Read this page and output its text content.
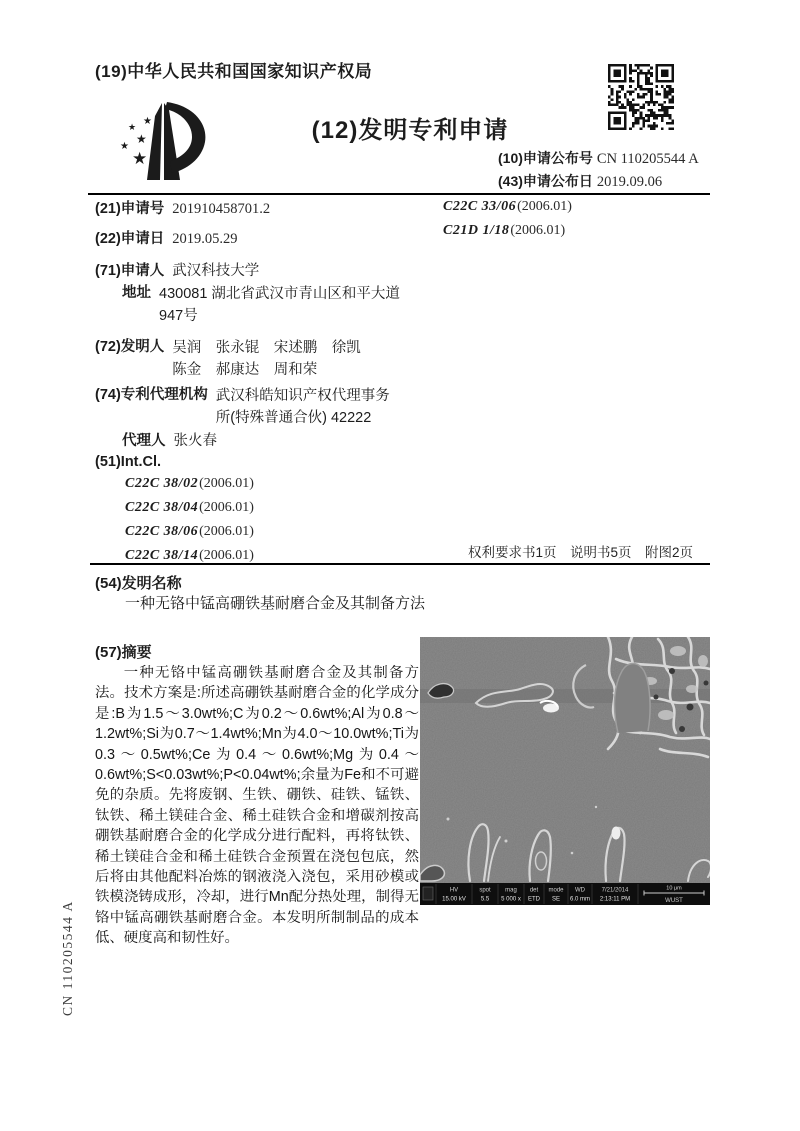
(19)中华人民共和国国家知识产权局
★
★
★
★ ★	(12)发明专利申请
(10)申请公布号 CN 110205544 A
(43)申请公布日 2019.09.06
(21)申请号 201910458701.2
(22)申请日 2019.05.29
(71)申请人 武汉科技大学
地址 430081 湖北省武汉市青山区和平大道947号
(72)发明人 吴润　张永锟　宋述鹏　徐凯
陈金　郝康达　周和荣
(74)专利代理机构 武汉科皓知识产权代理事务所(特殊普通合伙) 42222
代理人 张火春
(51)Int.Cl.
C22C 38/02(2006.01)
C22C 38/04(2006.01)
C22C 38/06(2006.01)
C22C 38/14(2006.01)
C22C 33/06(2006.01)
C21D 1/18(2006.01)
权利要求书1页　说明书5页　附图2页
(54)发明名称
一种无铬中锰高硼铁基耐磨合金及其制备方法
(57)摘要
一种无铬中锰高硼铁基耐磨合金及其制备方法。技术方案是:所述高硼铁基耐磨合金的化学成分是:B为1.5～3.0wt%;C为0.2～0.6wt%;Al为0.8～1.2wt%;Si为0.7～1.4wt%;Mn为4.0～10.0wt%;Ti为0.3～0.5wt%;Ce为0.4～0.6wt%;Mg为0.4～0.6wt%;S<0.03wt%;P<0.04wt%;余量为Fe和不可避免的杂质。先将废钢、生铁、硼铁、硅铁、锰铁、钛铁、稀土镁硅合金、稀土硅铁合金和增碳剂按高硼铁基耐磨合金的化学成分进行配料，再将钛铁、稀土镁硅合金和稀土硅铁合金预置在浇包包底，然后将由其他配料冶炼的钢液浇入浇包，采用砂模或铁模浇铸成形，冷却，进行Mn配分热处理，制得无铬中锰高硼铁基耐磨合金。本发明所制制品的成本低、硬度高和韧性好。
HV	spot mag det mode WD	7/21/2014
15.00 kV 5.5 5 000 x ETD SE 6.0 mm 2:13:11 PM
10 μm
WUST
CN 110205544 A
